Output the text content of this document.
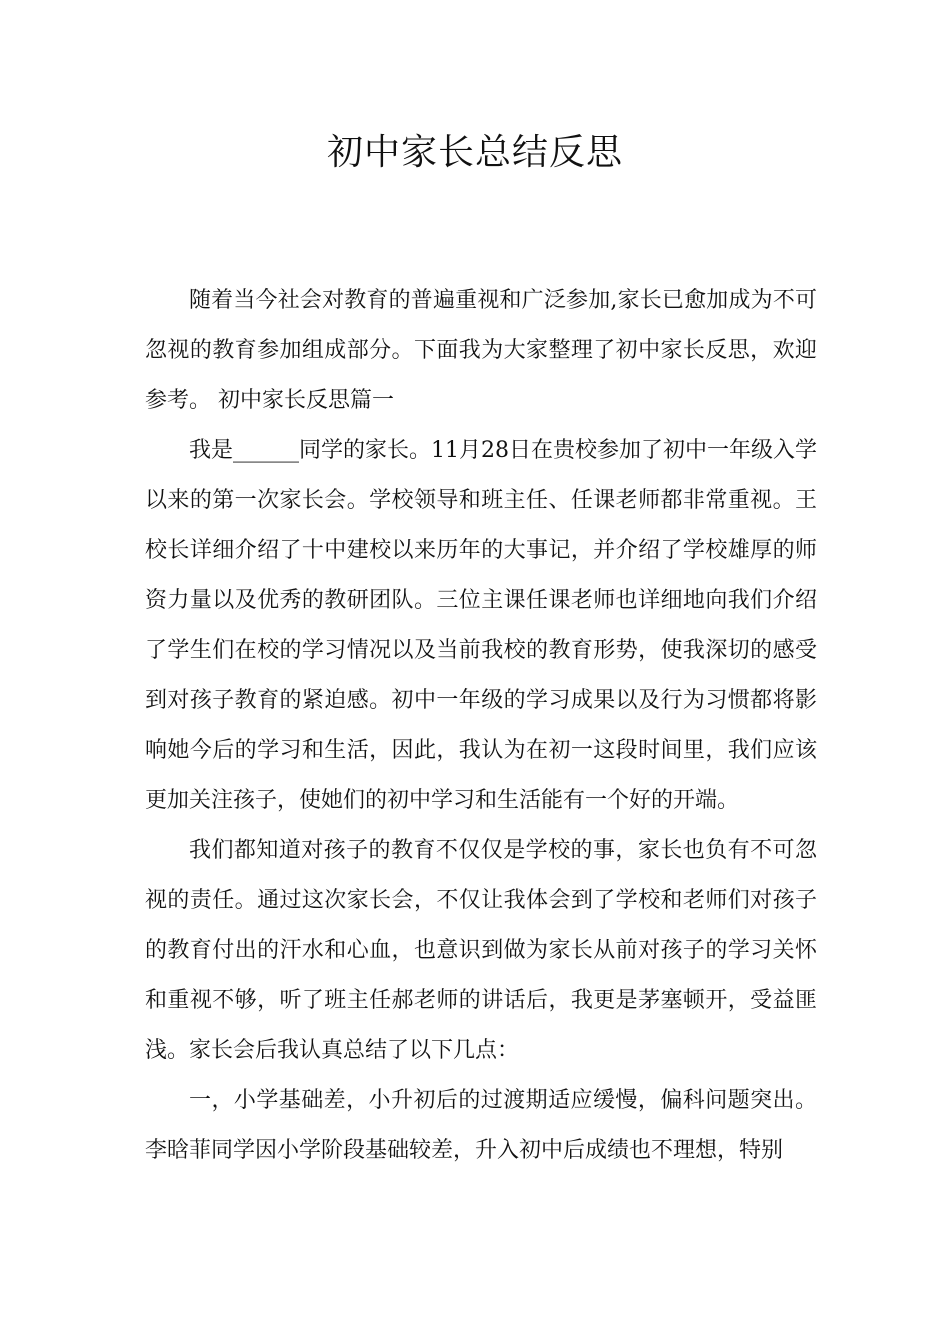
初中家长总结反思

随着当今社会对教育的普遍重视和广泛参加,家长已愈加成为不可忽视的教育参加组成部分。下面我为大家整理了初中家长反思，欢迎参考。 初中家长反思篇一

我是______同学的家长。11月28日在贵校参加了初中一年级入学以来的第一次家长会。学校领导和班主任、任课老师都非常重视。王校长详细介绍了十中建校以来历年的大事记，并介绍了学校雄厚的师资力量以及优秀的教研团队。三位主课任课老师也详细地向我们介绍了学生们在校的学习情况以及当前我校的教育形势，使我深切的感受到对孩子教育的紧迫感。初中一年级的学习成果以及行为习惯都将影响她今后的学习和生活，因此，我认为在初一这段时间里，我们应该更加关注孩子，使她们的初中学习和生活能有一个好的开端。

我们都知道对孩子的教育不仅仅是学校的事，家长也负有不可忽视的责任。通过这次家长会，不仅让我体会到了学校和老师们对孩子的教育付出的汗水和心血，也意识到做为家长从前对孩子的学习关怀和重视不够，听了班主任郝老师的讲话后，我更是茅塞顿开，受益匪浅。家长会后我认真总结了以下几点：

一，小学基础差，小升初后的过渡期适应缓慢，偏科问题突出。李晗菲同学因小学阶段基础较差，升入初中后成绩也不理想，特别
